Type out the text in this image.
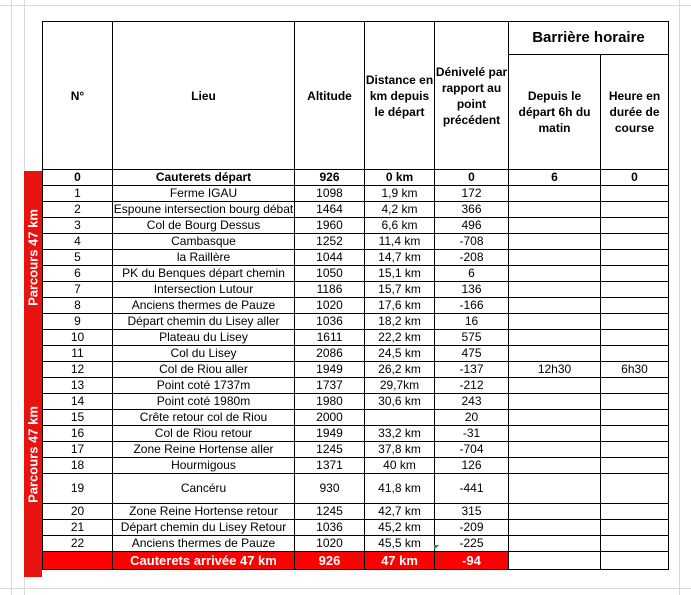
Parcours 47 km
Parcours 47 km
N°	Lieu	Altitude	Distance en km depuis le départ	Dénivelé par rapport au point précédent	Barrière horaire	
					Depuis le départ 6h du matin	Heure en durée de course
0	Cauterets départ	926	0 km	0	6	0
1	Ferme IGAU	1098	1,9 km	172		
2	Espoune intersection bourg débat	1464	4,2 km	366		
3	Col de Bourg Dessus	1960	6,6 km	496		
4	Cambasque	1252	11,4 km	-708		
5	la Raillère	1044	14,7 km	-208		
6	PK du Benques départ chemin	1050	15,1 km	6		
7	Intersection Lutour	1186	15,7 km	136		
8	Anciens thermes de Pauze	1020	17,6 km	-166		
9	Départ chemin du Lisey aller	1036	18,2 km	16		
10	Plateau du Lisey	1611	22,2 km	575		
11	Col du Lisey	2086	24,5 km	475		
12	Col de Riou aller	1949	26,2 km	-137	12h30	6h30
13	Point coté 1737m	1737	29,7km	-212		
14	Point coté 1980m	1980	30,6 km	243		
15	Crête retour col de Riou	2000		20		
16	Col de Riou retour	1949	33,2 km	-31		
17	Zone Reine Hortense aller	1245	37,8 km	-704		
18	Hourmigous	1371	40 km	126		
19	Cancéru	930	41,8 km	-441		
20	Zone Reine Hortense retour	1245	42,7 km	315		
21	Départ chemin du Lisey Retour	1036	45,2 km	-209		
22	Anciens thermes de Pauze	1020	45,5 km	-225		
	Cauterets arrivée 47 km	926	47 km	-94		
